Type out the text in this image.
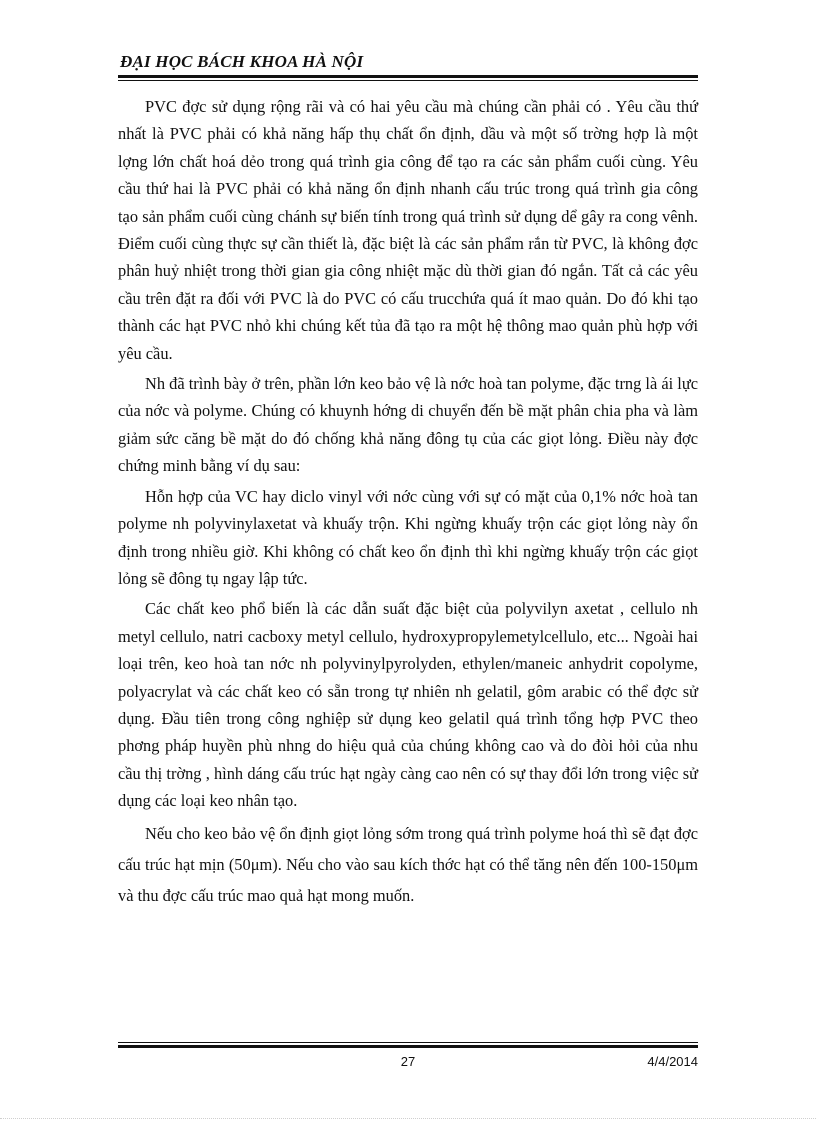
ĐẠI HỌC BÁCH KHOA HÀ NỘI

PVC đợc sử dụng rộng rãi và có hai yêu cầu mà chúng cần phải có . Yêu cầu thứ nhất là PVC phải có khả năng hấp thụ chất ổn định, dầu và một số trờng hợp là một lợng lớn chất hoá dẻo trong quá trình gia công để tạo ra các sản phẩm cuối cùng. Yêu cầu thứ hai là PVC phải có khả năng ổn định nhanh cấu trúc trong quá trình gia công tạo sản phẩm cuối cùng chánh sự biến tính trong quá trình sử dụng dể gây ra cong vênh. Điểm cuối cùng thực sự cần thiết là, đặc biệt là các sản phẩm rắn từ PVC, là không đợc phân huỷ nhiệt trong thời gian gia công nhiệt mặc dù thời gian đó ngắn. Tất cả các yêu cầu trên đặt ra đối với PVC là do PVC có cấu trucchứa quá ít mao quản. Do đó khi tạo thành các hạt PVC nhỏ khi chúng kết tủa đã tạo ra một hệ thông mao quản phù hợp với yêu cầu.

Nh đã trình bày ở trên, phần lớn keo bảo vệ là nớc hoà tan polyme, đặc trng là ái lực của nớc và polyme. Chúng có khuynh hớng di chuyển đến bề mặt phân chia pha và làm giảm sức căng bề mặt do đó chống khả năng đông tụ của các giọt lỏng. Điều này đợc chứng minh bằng ví dụ sau:

Hỗn hợp của VC hay diclo vinyl với nớc cùng với sự có mặt của 0,1% nớc hoà tan polyme nh polyvinylaxetat và khuấy trộn. Khi ngừng khuấy trộn các giọt lỏng này ổn định trong nhiều giờ. Khi không có chất keo ổn định thì khi ngừng khuấy trộn các giọt lỏng sẽ đông tụ ngay lập tức.

Các chất keo phổ biến là các dẫn suất đặc biệt của polyvilyn axetat , cellulo nh metyl cellulo, natri cacboxy metyl cellulo, hydroxypropylemetylcellulo, etc... Ngoài hai loại trên, keo hoà tan nớc nh polyvinylpyrolyden, ethylen/maneic anhydrit copolyme, polyacrylat và các chất keo có sẵn trong tự nhiên nh gelatil, gôm arabic có thể đợc sử dụng. Đầu tiên trong công nghiệp sử dụng keo gelatil quá trình tổng hợp PVC theo phơng pháp huyền phù nhng do hiệu quả của chúng không cao và do đòi hỏi của nhu cầu thị trờng , hình dáng cấu trúc hạt ngày càng cao nên có sự thay đổi lớn trong việc sử dụng các loại keo nhân tạo.

Nếu cho keo bảo vệ ổn định giọt lỏng sớm trong quá trình polyme hoá thì sẽ đạt đợc cấu trúc hạt mịn (50μm). Nếu cho vào sau kích thớc hạt có thể tăng nên đến 100-150μm và thu đợc cấu trúc mao quả hạt mong muốn.

27	4/4/2014
